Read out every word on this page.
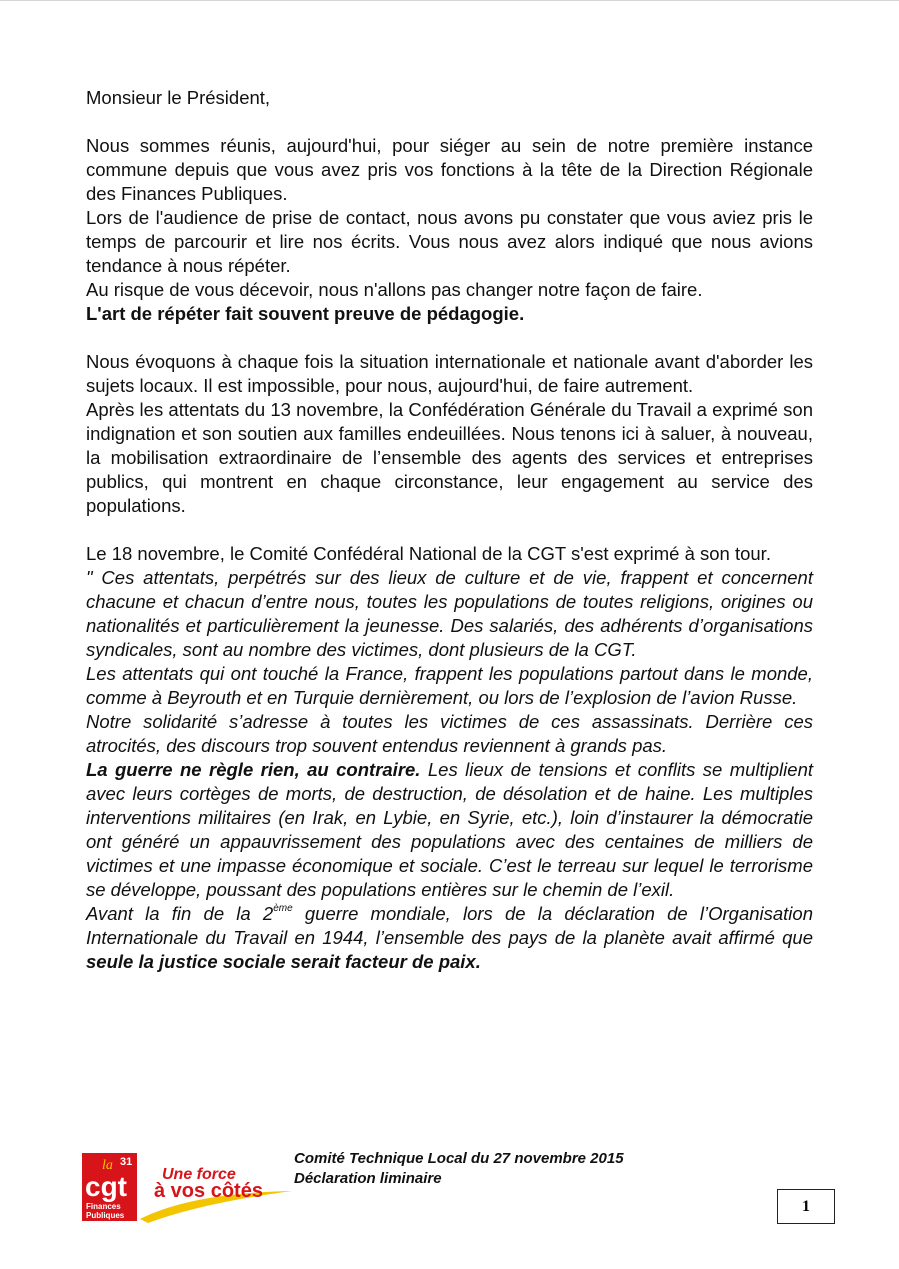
Monsieur le Président,

Nous sommes réunis, aujourd'hui, pour siéger au sein de notre première instance commune depuis que vous avez pris vos fonctions à la tête de la Direction Régionale des Finances Publiques.

Lors de l'audience de prise de contact, nous avons pu constater que vous aviez pris le temps de parcourir et lire nos écrits. Vous nous avez alors indiqué que nous avions tendance à nous répéter.

Au risque de vous décevoir, nous n'allons pas changer notre façon de faire.

L'art de répéter fait souvent preuve de pédagogie.

Nous évoquons à chaque fois la situation internationale et nationale avant d'aborder les sujets locaux. Il est impossible, pour nous, aujourd'hui, de faire autrement.

Après les attentats du 13 novembre, la Confédération Générale du Travail a exprimé son indignation et son soutien aux familles endeuillées. Nous tenons ici à saluer, à nouveau, la mobilisation extraordinaire de l’ensemble des agents des services et entreprises publics, qui montrent en chaque circonstance, leur engagement au service des populations.

Le 18 novembre, le Comité Confédéral National de la CGT s'est exprimé à son tour.

" Ces attentats, perpétrés sur des lieux de culture et de vie, frappent et concernent chacune et chacun d’entre nous, toutes les populations de toutes religions, origines ou nationalités et particulièrement la jeunesse. Des salariés, des adhérents d’organisations syndicales, sont au nombre des victimes, dont plusieurs de la CGT.

Les attentats qui ont touché la France, frappent les populations partout dans le monde, comme à Beyrouth et en Turquie dernièrement, ou lors de l’explosion de l’avion Russe.

Notre solidarité s’adresse à toutes les victimes de ces assassinats. Derrière ces atrocités, des discours trop souvent entendus reviennent à grands pas.

La guerre ne règle rien, au contraire. Les lieux de tensions et conflits se multiplient avec leurs cortèges de morts, de destruction, de désolation et de haine. Les multiples interventions militaires (en Irak, en Lybie, en Syrie, etc.), loin d’instaurer la démocratie ont généré un appauvrissement des populations avec des centaines de milliers de victimes et une impasse économique et sociale. C’est le terreau sur lequel le terrorisme se développe, poussant des populations entières sur le chemin de l’exil.

Avant la fin de la 2ème guerre mondiale, lors de la déclaration de l’Organisation Internationale du Travail en 1944, l’ensemble des pays de la planète avait affirmé que seule la justice sociale serait facteur de paix.

la 31
cgt
Finances
Publiques
Une force
à vos côtés
Comité Technique Local du 27 novembre 2015
Déclaration liminaire
1
